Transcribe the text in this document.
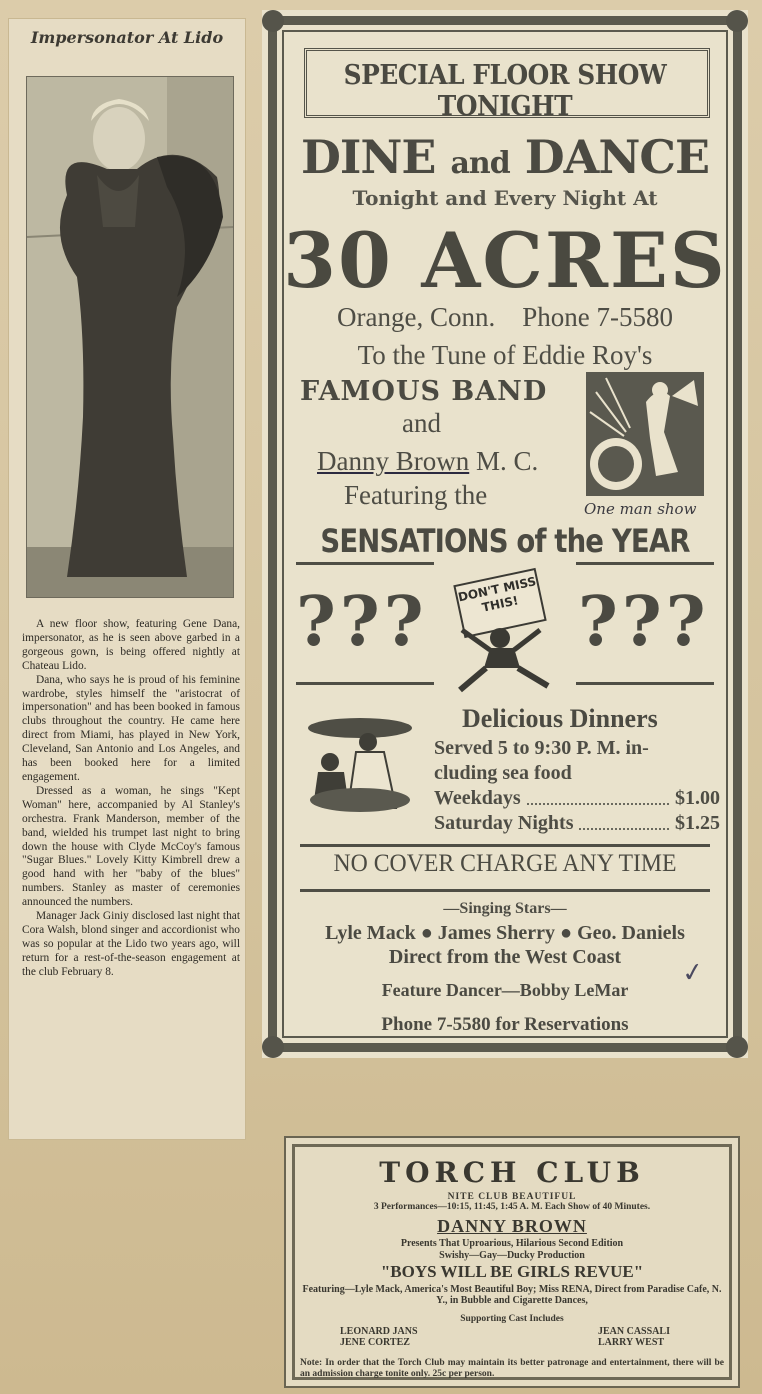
Impersonator At Lido

A new floor show, featuring Gene Dana, impersonator, as he is seen above garbed in a gorgeous gown, is being offered nightly at Chateau Lido.

Dana, who says he is proud of his feminine wardrobe, styles himself the "aristocrat of impersonation" and has been booked in famous clubs throughout the country. He came here direct from Miami, has played in New York, Cleveland, San Antonio and Los Angeles, and has been booked here for a limited engagement.

Dressed as a woman, he sings "Kept Woman" here, accompanied by Al Stanley's orchestra. Frank Manderson, member of the band, wielded his trumpet last night to bring down the house with Clyde McCoy's famous "Sugar Blues." Lovely Kitty Kimbrell drew a good hand with her "baby of the blues" numbers. Stanley as master of ceremonies announced the numbers.

Manager Jack Giniy disclosed last night that Cora Walsh, blond singer and accordionist who was so popular at the Lido two years ago, will return for a rest-of-the-season engagement at the club February 8.

SPECIAL FLOOR SHOW TONIGHT
DINE and DANCE
Tonight and Every Night At
30 ACRES
Orange, Conn. Phone 7-5580
To the Tune of Eddie Roy's
FAMOUS BAND
and
Danny Brown M. C.
Featuring the	One man show
SENSATIONS of the YEAR
??? ???
DON'T MISS THIS!
Delicious Dinners
Served 5 to 9:30 P. M. in-
cluding sea food
Weekdays	$1.00
Saturday Nights	$1.25
NO COVER CHARGE ANY TIME
—Singing Stars—
Lyle Mack ● James Sherry ● Geo. Daniels
Direct from the West Coast
Feature Dancer—Bobby LeMar
Phone 7-5580 for Reservations
✓
TORCH CLUB
NITE CLUB BEAUTIFUL
3 Performances—10:15, 11:45, 1:45 A. M. Each Show of 40 Minutes.
DANNY BROWN
Presents That Uproarious, Hilarious Second Edition
Swishy—Gay—Ducky Production
"BOYS WILL BE GIRLS REVUE"
Featuring—Lyle Mack, America's Most Beautiful Boy; Miss RENA, Direct from Paradise Cafe, N. Y., in Bubble and Cigarette Dances,
Supporting Cast Includes
LEONARD JANS
JENE CORTEZ
JEAN CASSALI
LARRY WEST
Note: In order that the Torch Club may maintain its better patronage and entertainment, there will be an admission charge tonite only. 25c per person.
